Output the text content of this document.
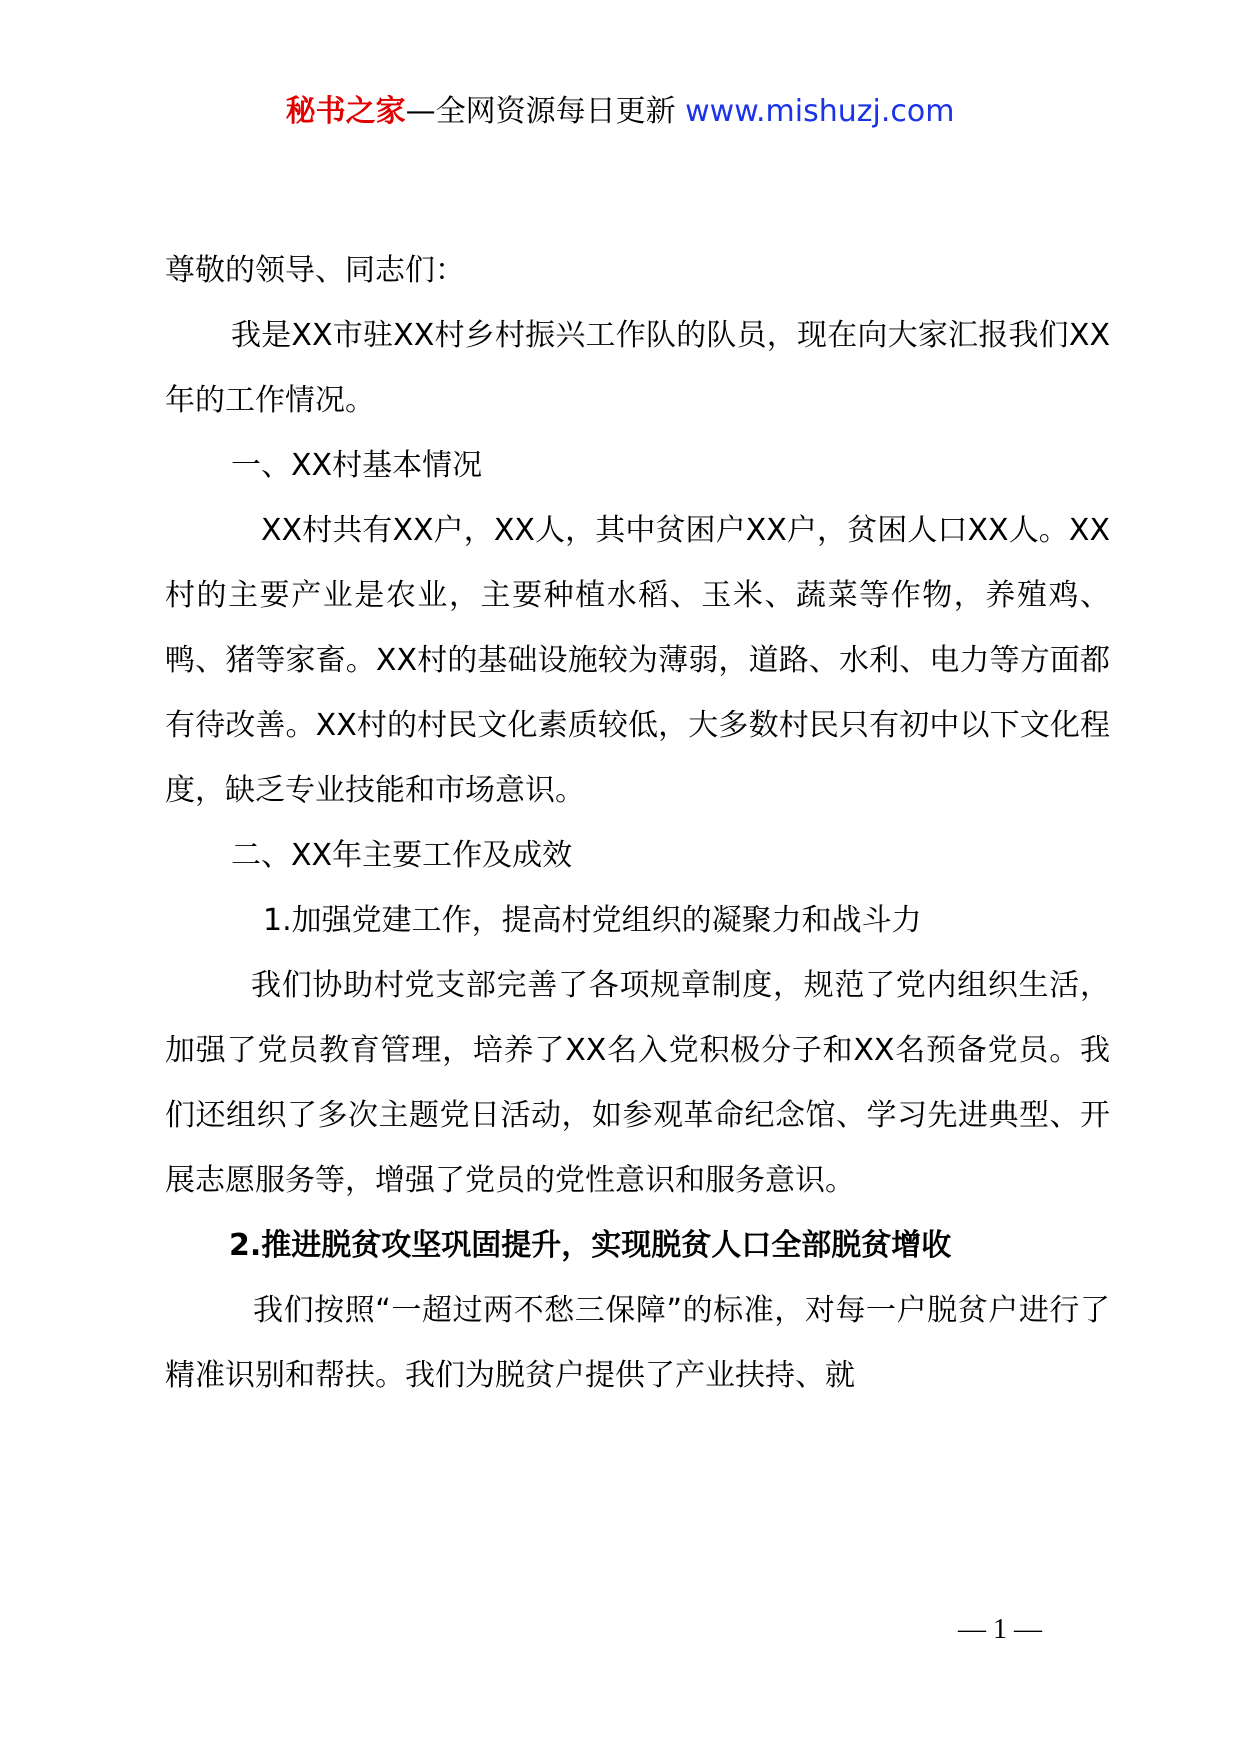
秘书之家—全网资源每日更新 www.mishuzj.com

尊敬的领导、同志们：

我是XX市驻XX村乡村振兴工作队的队员，现在向大家汇报我们XX年的工作情况。

一、XX村基本情况

XX村共有XX户，XX人，其中贫困户XX户，贫困人口XX人。XX村的主要产业是农业，主要种植水稻、玉米、蔬菜等作物，养殖鸡、鸭、猪等家畜。XX村的基础设施较为薄弱，道路、水利、电力等方面都有待改善。XX村的村民文化素质较低，大多数村民只有初中以下文化程度，缺乏专业技能和市场意识。

二、XX年主要工作及成效

1.加强党建工作，提高村党组织的凝聚力和战斗力

我们协助村党支部完善了各项规章制度，规范了党内组织生活，加强了党员教育管理，培养了XX名入党积极分子和XX名预备党员。我们还组织了多次主题党日活动，如参观革命纪念馆、学习先进典型、开展志愿服务等，增强了党员的党性意识和服务意识。

2.推进脱贫攻坚巩固提升，实现脱贫人口全部脱贫增收

我们按照“一超过两不愁三保障”的标准，对每一户脱贫户进行了精准识别和帮扶。我们为脱贫户提供了产业扶持、就

— 1 —
